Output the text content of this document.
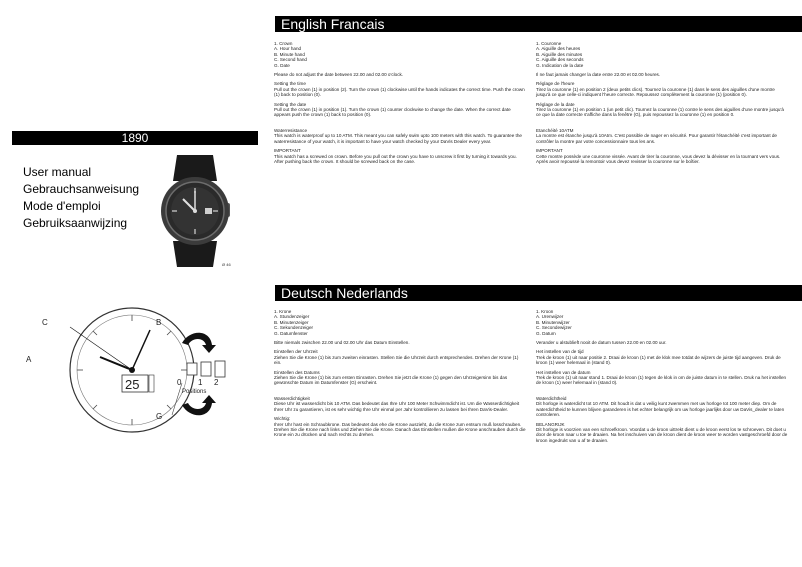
1890
User manual
Gebrauchsanweisung
Mode d'emploi
Gebruiksaanwijzing
Ø 46
25
C	B
A
G
0 1 2
Positions
English Francais

1. Crown
A. Hour hand
B. Minute hand
C. Second hand
G. Date

Please do not adjust the date between 22.00 and 02.00 o'clock.

Setting the time
Pull out the crown (1) in position (2). Turn the crown (1) clockwise until the hands indicates the correct time. Push the crown (1) back to position (0).

Setting the date
Pull out the crown (1) in position (1). Turn the crown (1) counter clockwise to change the date. When the correct date appears push the crown (1) back to position (0).

Waterresistance
This watch is waterproof up to 10 ATM. This meant you can safely swim upto 100 meters with this watch. To guarantee the waterresistance of your watch, it is important to have your watch checked by your DaVis Dealer every year.

IMPORTANT
This watch has a screwed on crown. Before you pull out the crown you have to unscrew it first by turning it towards you. After pushing back the crown. It should be screwed back on the case.

1. Couronne
A. Aiguille des heures
B. Aiguille des minutes
C. Aiguille des seconds
G. Indication de la date

Il ne faut jamais changer la date entre 22.00 et 02.00 heures.

Réglage de l'heure
Tirez la couronne (1) en position 2 (deux petits clics). Tournez la couronne (1) dans le sens des aiguilles d'une montre jusqu'à ce que celle-ci indiquent l'heure correcte. Repoussez complètement la couronne (1) (position 0).

Réglage de la date
Tirez la couronne (1) en position 1 (un petit clic). Tournez la couronne (1) contre le sens des aiguilles d'une montre jusqu'à ce que la date correcte s'affiche dans la fenêtre (G), puis repoussez la couronne (1) en position 0.

Etanchéité 10ATM
La montre est étanche jusqu'à 10Atm. C'est possible de nager en sécurité. Pour garantir l'étanchéité c'est important de contrôler la montre par votre concessionnaire tous les ans.

IMPORTANT
Cette montre possède une couronne vissée. Avant de tirer la couronne, vous devez la dévisser en la tournant vers vous. Après avoir repoussé la remontoir vous devez revisser la couronne sur le boîtier.

Deutsch Nederlands

1. Krone
A. Stundenzeiger
B. Minutenzeiger
C. Sekundenzeiger
G. Datumfenster

Bitte niemals zwischen 22.00 und 02.00 Uhr das Datum Einstellen.

Einstellen der Uhrzeit
Ziehen Sie die Krone (1) bis zum zweiten einrasten. Stellen Sie die Uhrzeit durch entsprechendes. Drehen der Krone (1) ein.

Einstellen des Datums
Ziehen Sie die Krone (1) bis zum ersten Einrasten. Drehen Sie jetzt die Krone (1) gegen den Uhrzeigersinn bis das gewünschte Datum im Datumfenster (G) erscheint.

Wasserdichtigkeit
Diese Uhr ist wasserdicht bis 10 ATM. Das bedeutet das Ihre Uhr 100 Meter Schwimmdicht ist. Um die Wasserdichtigkeit Ihrer Uhr zu garantieren, ist es sehr wichtig Ihre Uhr einmal per Jahr kontrollieren zu lassen bei Ihren DaVis-Dealer.

Wichtig:
Ihrer Uhr hast ein Schraubkrone. Das bedeutet das ehe die Krone auszieht, du die Krone zum entsum muß losschrauben. Drehen Sie die Krone nach links und Ziehen Sie die Krone. Danach das Einstellen mußen die Krone anschrauben durch die Krone ein zu drücken und nach rechts zu drehen.

1. Kroon
A. Urenwijzer
B. Minutenwijzer
C. Secondewijzer
G. Datum

Verander u alstublieft nooit de datum tussen 22.00 en 02.00 uur.

Het instellen van de tijd
Trek de kroon (1) uit naar positie 2. Draai de kroon (1) met de klok mee totdat de wijzers de juiste tijd aangeven. Druk de kroon (1) weer helemaal in (stand 0).

Het instellen van de datum
Trek de kroon (1) uit naar stand 1. Draai de kroon (1) tegen de klok in om de juiste datum in te stellen. Druk na het instellen de kroon (1) weer helemaal in (stand 0).

Waterdichtheid
Dit horloge is waterdicht tot 10 ATM. Dit houdt is dat u veilig kunt zwemmen met uw horloge tot 100 meter diep. Om de waterdichtheid te kunnen blijven garanderen is het echter belangrijk om uw horloge jaarlijks door uw DaVis_dealer te laten controleren.

BELANGRIJK
Dit horloge is voorzien van een schroefkroon. Voordat u de kroon uittrekt dient u de kroon eerst los te schroeven. Dit doet u door de kroon naar u toe te draaien. Na het inschuiven van de kroon dient de kroon weer te worden vastgeschroefd door de kroon ingedrukt van u af te draaien.
